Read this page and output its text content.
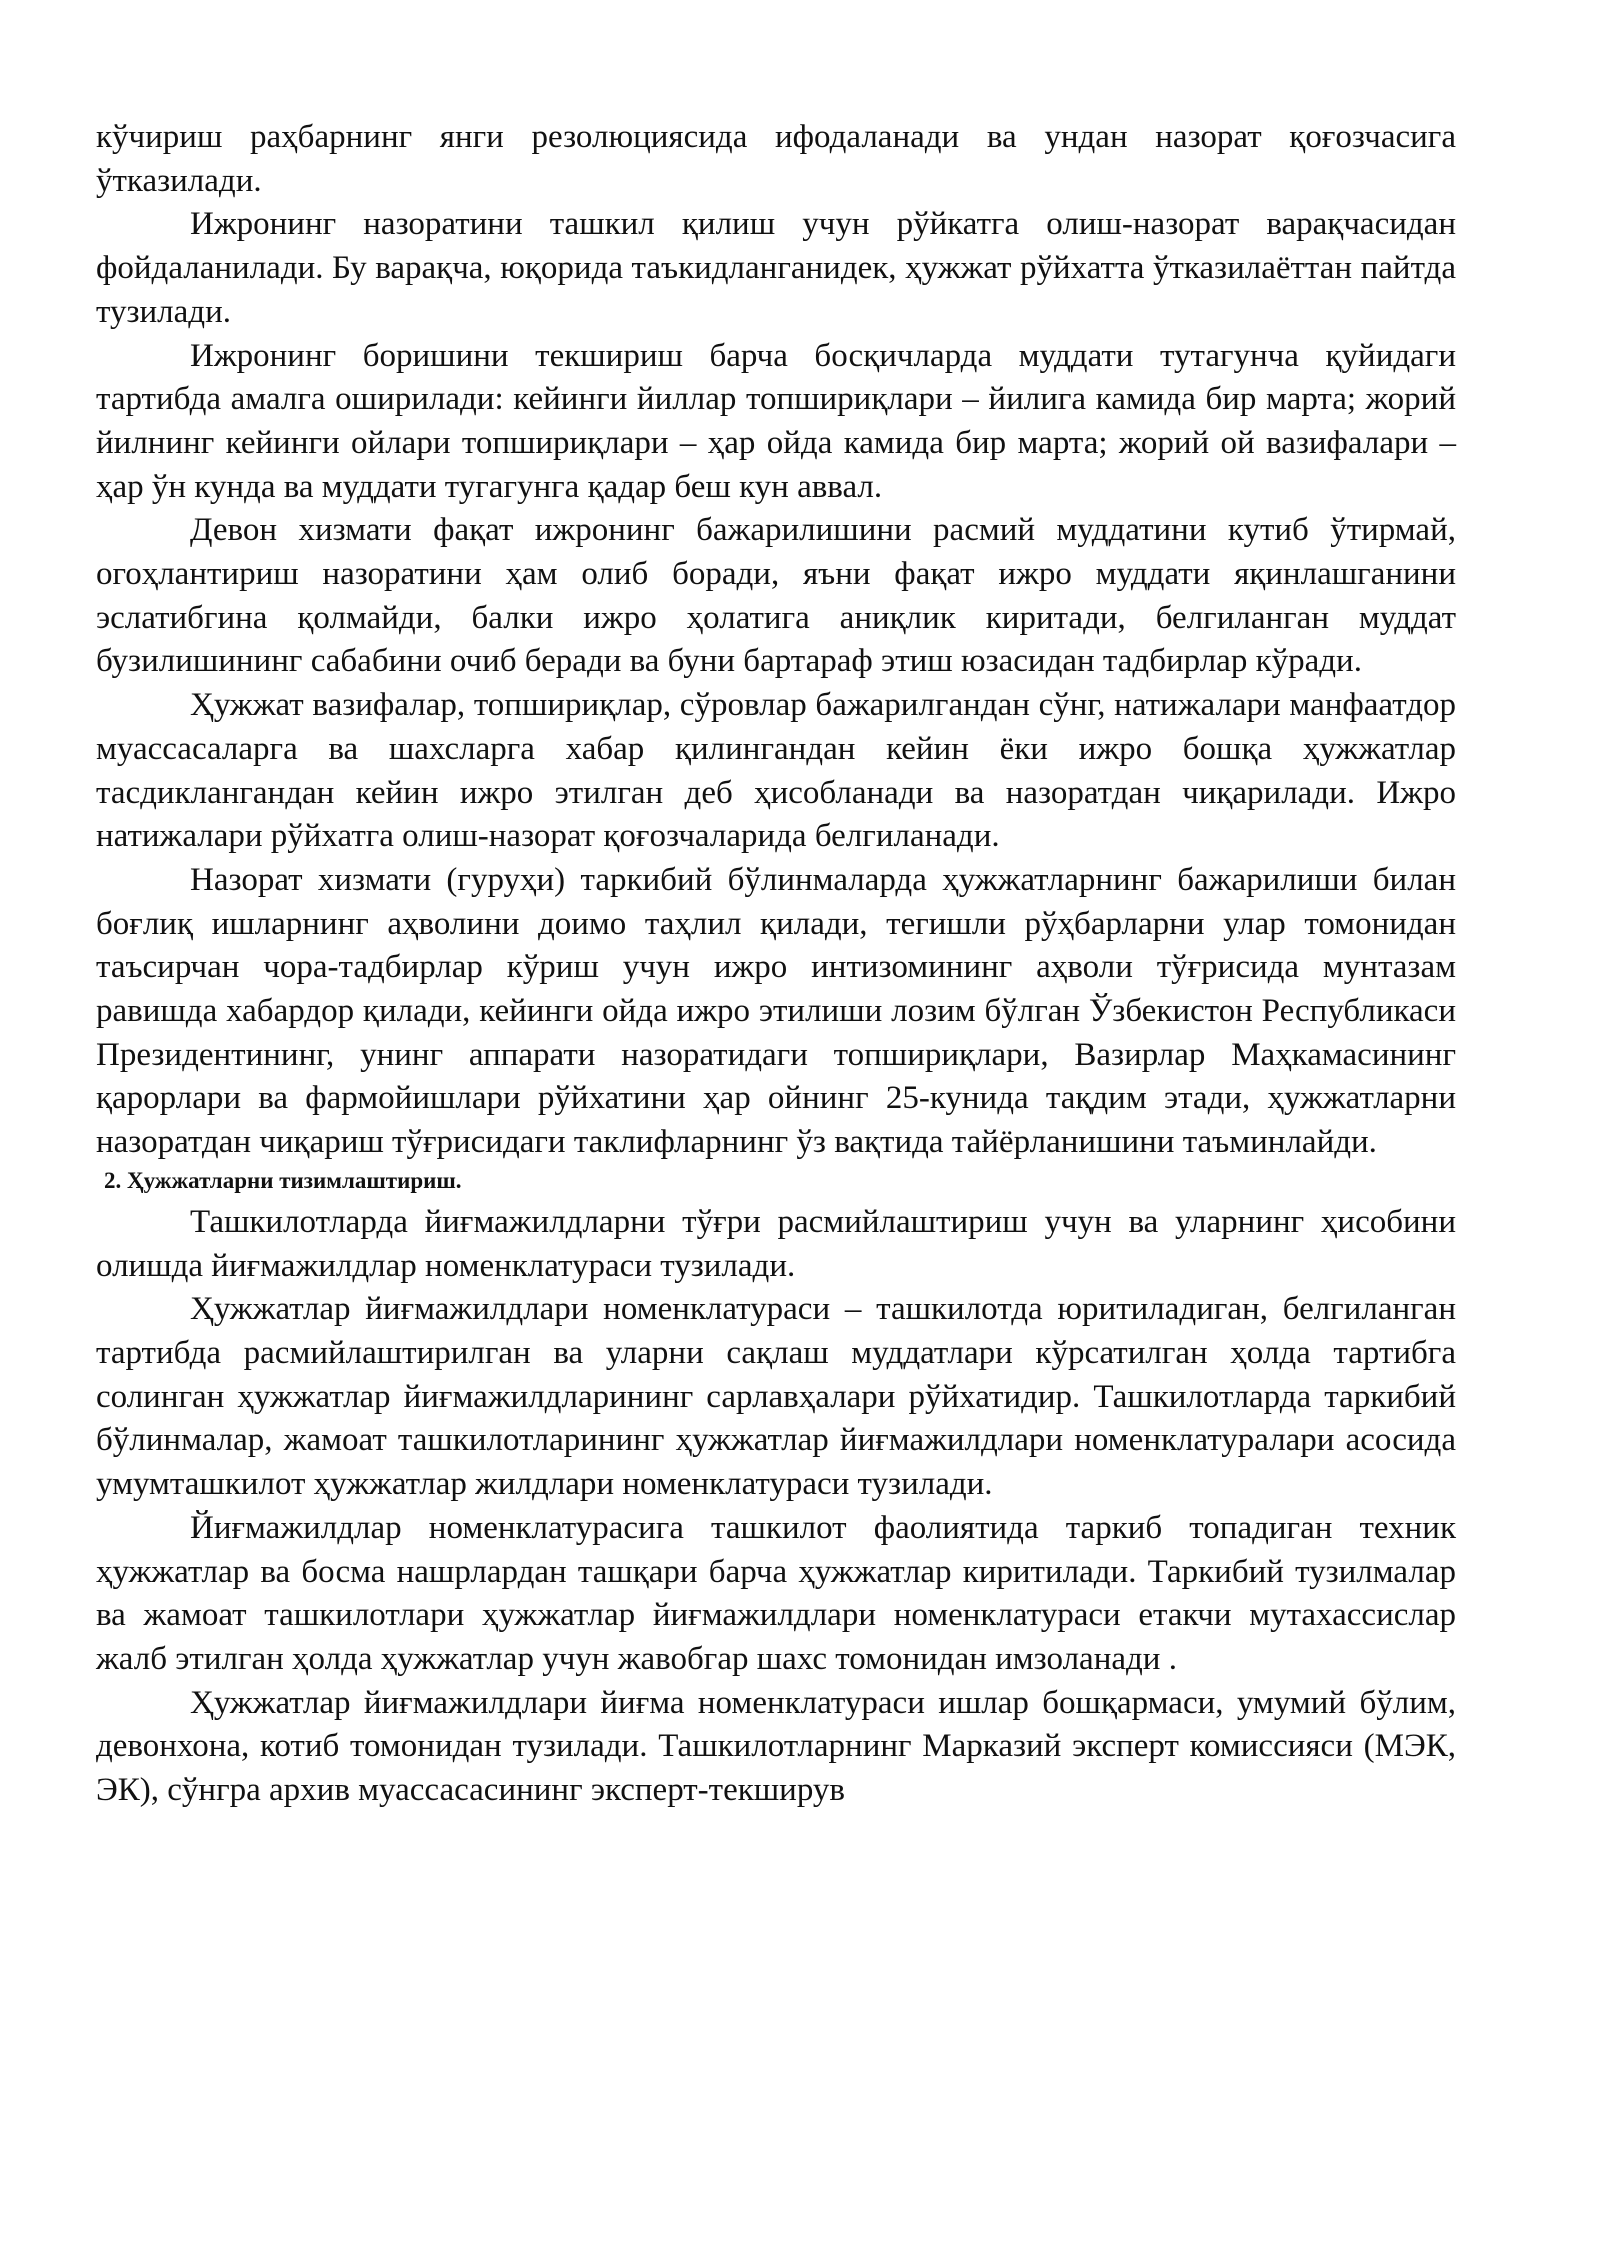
кўчириш раҳбарнинг янги резолюциясида ифодаланади ва ундан назорат қоғозчасига ўтказилади.

Ижронинг назоратини ташкил қилиш учун рўйкатга олиш-назорат варақчасидан фойдаланилади. Бу варақча, юқорида таъкидланганидек, ҳужжат рўйхатта ўтказилаёттан пайтда тузилади.

Ижронинг боришини текшириш барча босқичларда муддати тутагунча қуйидаги тартибда амалга оширилади: кейинги йиллар топшириқлари – йилига камида бир марта; жорий йилнинг кейинги ойлари топшириқлари – ҳар ойда камида бир марта; жорий ой вазифалари – ҳар ўн кунда ва муддати тугагунга қадар беш кун аввал.

Девон хизмати фақат ижронинг бажарилишини расмий муддатини кутиб ўтирмай, огоҳлантириш назоратини ҳам олиб боради, яъни фақат ижро муддати яқинлашганини эслатибгина қолмайди, балки ижро ҳолатига аниқлик киритади, белгиланган муддат бузилишининг сабабини очиб беради ва буни бартараф этиш юзасидан тадбирлар кўради.

Ҳужжат вазифалар, топшириқлар, сўровлар бажарилгандан сўнг, натижалари манфаатдор муассасаларга ва шахсларга хабар қилингандан кейин ёки ижро бошқа ҳужжатлар тасдиклангандан кейин ижро этилган деб ҳисобланади ва назоратдан чиқарилади. Ижро натижалари рўйхатга олиш-назорат қоғозчаларида белгиланади.

Назорат хизмати (гуруҳи) таркибий бўлинмаларда ҳужжатларнинг бажарилиши билан боғлиқ ишларнинг аҳволини доимо таҳлил қилади, тегишли рўҳбарларни улар томонидан таъсирчан чора-тадбирлар кўриш учун ижро интизомининг аҳволи тўғрисида мунтазам равишда хабардор қилади, кейинги ойда ижро этилиши лозим бўлган Ўзбекистон Республикаси Президентининг, унинг аппарати назоратидаги топшириқлари, Вазирлар Маҳкамасининг қарорлари ва фармойишлари рўйхатини ҳар ойнинг 25-кунида тақдим этади, ҳужжатларни назоратдан чиқариш тўғрисидаги таклифларнинг ўз вақтида тайёрланишини таъминлайди.

2. Ҳужжатларни тизимлаштириш.

Ташкилотларда йиғмажилдларни тўғри расмийлаштириш учун ва уларнинг ҳисобини олишда йиғмажилдлар номенклатураси тузилади.

Ҳужжатлар йиғмажилдлари номенклатураси – ташкилотда юритиладиган, белгиланган тартибда расмийлаштирилган ва уларни сақлаш муддатлари кўрсатилган ҳолда тартибга солинган ҳужжатлар йиғмажилдларининг сарлавҳалари рўйхатидир. Ташкилотларда таркибий бўлинмалар, жамоат ташкилотларининг ҳужжатлар йиғмажилдлари номенклатуралари асосида умумташкилот ҳужжатлар жилдлари номенклатураси тузилади.

Йиғмажилдлар номенклатурасига ташкилот фаолиятида таркиб топадиган техник ҳужжатлар ва босма нашрлардан ташқари барча ҳужжатлар киритилади. Таркибий тузилмалар ва жамоат ташкилотлари ҳужжатлар йиғмажилдлари номенклатураси етакчи мутахассислар жалб этилган ҳолда ҳужжатлар учун жавобгар шахс томонидан имзоланади .

Ҳужжатлар йиғмажилдлари йиғма номенклатураси ишлар бошқармаси, умумий бўлим, девонхона, котиб томонидан тузилади. Ташкилотларнинг Марказий эксперт комиссияси (МЭК, ЭК), сўнгра архив муассасасининг эксперт-текширув
